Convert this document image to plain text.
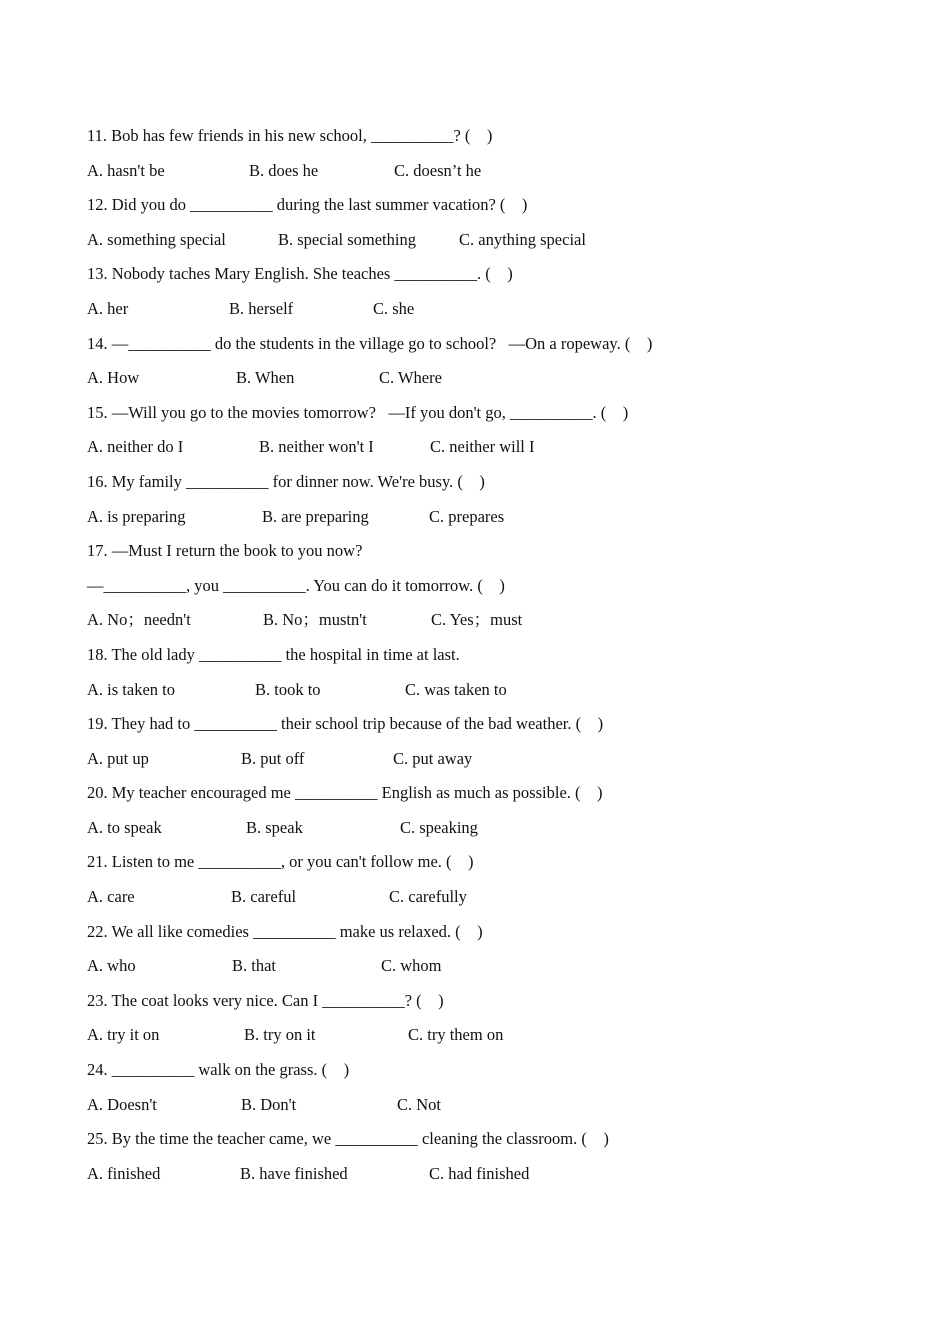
11. Bob has few friends in his new school, __________? (    )
A. hasn't be	B. does he	C. doesn’t he
12. Did you do __________ during the last summer vacation? (    )
A. something special	B. special something	C. anything special
13. Nobody taches Mary English. She teaches __________. (    )
A. her	B. herself	C. she
14. —__________ do the students in the village go to school?   —On a ropeway. (    )
A. How	B. When	C. Where
15. —Will you go to the movies tomorrow?   —If you don't go, __________. (    )
A. neither do I	B. neither won't I	C. neither will I
16. My family __________ for dinner now. We're busy. (    )
A. is preparing	B. are preparing	C. prepares
17. —Must I return the book to you now?
—__________, you __________. You can do it tomorrow. (    )
A. No；needn't	B. No；mustn't	C. Yes；must
18. The old lady __________ the hospital in time at last.
A. is taken to	B. took to	C. was taken to
19. They had to __________ their school trip because of the bad weather. (    )
A. put up	B. put off	C. put away
20. My teacher encouraged me __________ English as much as possible. (    )
A. to speak	B. speak	C. speaking
21. Listen to me __________, or you can't follow me. (    )
A. care	B. careful	C. carefully
22. We all like comedies __________ make us relaxed. (    )
A. who	B. that	C. whom
23. The coat looks very nice. Can I __________? (    )
A. try it on	B. try on it	C. try them on
24. __________ walk on the grass. (    )
A. Doesn't	B. Don't	C. Not
25. By the time the teacher came, we __________ cleaning the classroom. (    )
A. finished	B. have finished	C. had finished
